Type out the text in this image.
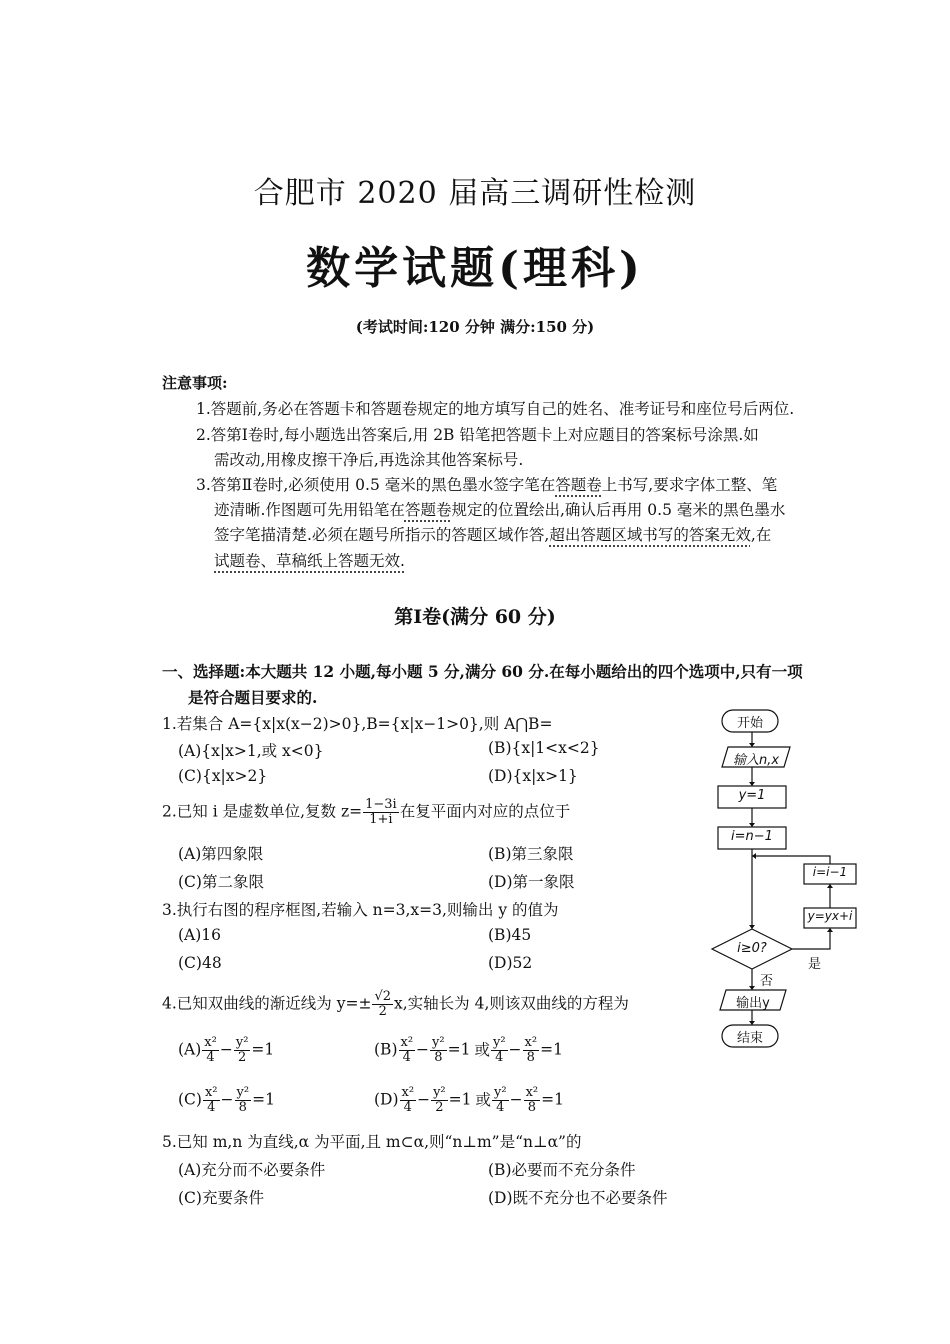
合肥市 2020 届高三调研性检测
数学试题(理科)
(考试时间:120 分钟 满分:150 分)
注意事项:
1.答题前,务必在答题卡和答题卷规定的地方填写自己的姓名、准考证号和座位号后两位.
2.答第Ⅰ卷时,每小题选出答案后,用 2B 铅笔把答题卡上对应题目的答案标号涂黑.如
需改动,用橡皮擦干净后,再选涂其他答案标号.
3.答第Ⅱ卷时,必须使用 0.5 毫米的黑色墨水签字笔在答题卷上书写,要求字体工整、笔
迹清晰.作图题可先用铅笔在答题卷规定的位置绘出,确认后再用 0.5 毫米的黑色墨水
签字笔描清楚.必须在题号所指示的答题区域作答,超出答题区域书写的答案无效,在
试题卷、草稿纸上答题无效.
第Ⅰ卷(满分 60 分)
一、选择题:本大题共 12 小题,每小题 5 分,满分 60 分.在每小题给出的四个选项中,只有一项
是符合题目要求的.
1.若集合 A={x|x(x−2)>0},B={x|x−1>0},则 A⋂B=
(A){x|x>1,或 x<0}	(B){x|1<x<2}
(C){x|x>2}	(D){x|x>1}
2.已知 i 是虚数单位,复数 $z= \frac{1-3i}{1+i}$ 在复平面内对应的点位于
(A)第四象限	(B)第三象限
(C)第二象限	(D)第一象限
3.执行右图的程序框图,若输入 n=3,x=3,则输出 y 的值为
(A)16	(B)45
(C)48	(D)52
4.已知双曲线的渐近线为 $y=\pm \frac{√2}{2} x$,实轴长为 4,则该双曲线的方程为
$(A) \frac{\text{x²}}{4} - \frac{\text{y²}}{2} =1$	$(B) \frac{\text{x²}}{4} - \frac{\text{y²}}{8} =1$ 或 $\frac{\text{y²}}{4} - \frac{\text{x²}}{8} =1$
$(C) \frac{\text{x²}}{4} - \frac{\text{y²}}{8} =1$	$(D) \frac{\text{x²}}{4} - \frac{\text{y²}}{2} =1$ 或 $\frac{\text{y²}}{4} - \frac{\text{x²}}{8} =1$
5.已知 m,n 为直线,α 为平面,且 m⊂α,则“n⊥m”是“n⊥α”的
(A)充分而不必要条件	(B)必要而不充分条件
(C)充要条件	(D)既不充分也不必要条件
开始
输入n,x
y=1
i=n−1
i=i−1
y=yx+i
i≥0?
是
否
输出y
结束
